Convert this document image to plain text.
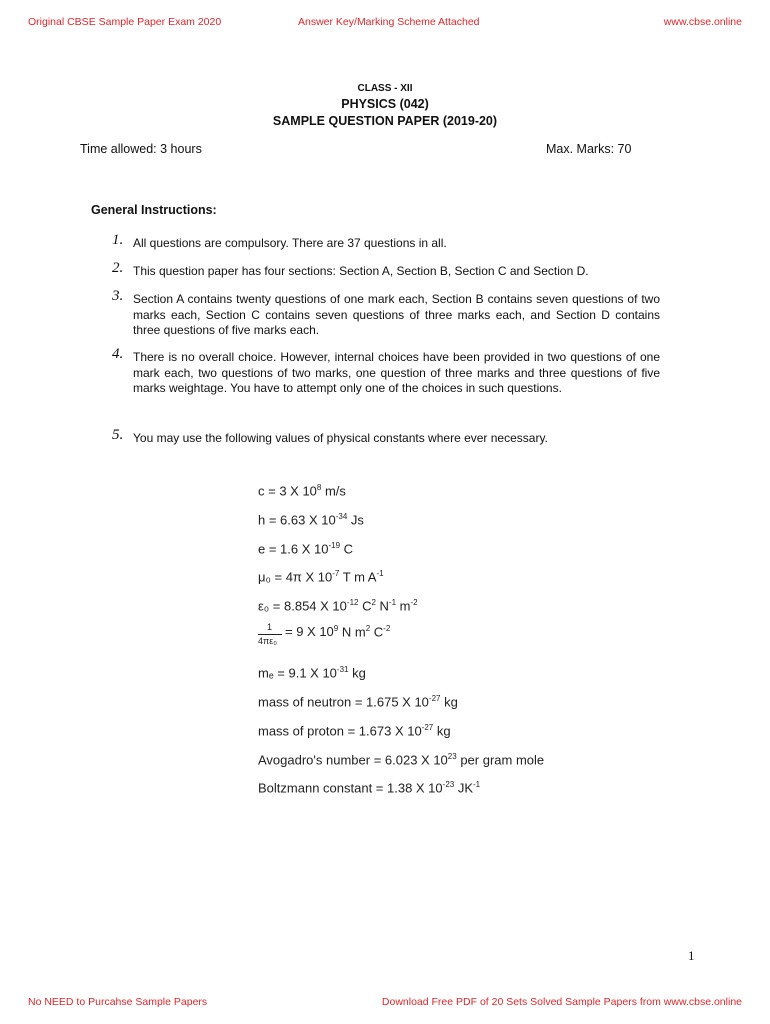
Original CBSE Sample Paper Exam 2020	Answer Key/Marking Scheme Attached	www.cbse.online
CLASS - XII
PHYSICS (042)
SAMPLE QUESTION PAPER (2019-20)
Time allowed: 3 hours	Max. Marks: 70
General Instructions:
1. All questions are compulsory. There are 37 questions in all.
2. This question paper has four sections: Section A, Section B, Section C and Section D.
3. Section A contains twenty questions of one mark each, Section B contains seven questions of two marks each, Section C contains seven questions of three marks each, and Section D contains three questions of five marks each.
4. There is no overall choice. However, internal choices have been provided in two questions of one mark each, two questions of two marks, one question of three marks and three questions of five marks weightage. You have to attempt only one of the choices in such questions.
5. You may use the following values of physical constants where ever necessary.
c = 3 X $10^8$ m/s
h = 6.63 X $10^{-34}$ Js
e = 1.6 X $10^{-19}$ C
μ₀ = 4π X $10^{-7}$ T m $A^{-1}$
ε₀ = 8.854 X $10^{-12}$ $C^2$ $N^{-1}$ $m^{-2}$
1
4πε₀
= 9 X $10^9$ N $m^2$ $C^{-2}$
mₑ = 9.1 X $10^{-31}$ kg
mass of neutron = 1.675 X $10^{-27}$ kg
mass of proton = 1.673 X $10^{-27}$ kg
Avogadro's number = 6.023 X $10^{23}$ per gram mole
Boltzmann constant = 1.38 X $10^{-23}$ $JK^{-1}$
1
No NEED to Purcahse Sample Papers	Download Free PDF of 20 Sets Solved Sample Papers from www.cbse.online
